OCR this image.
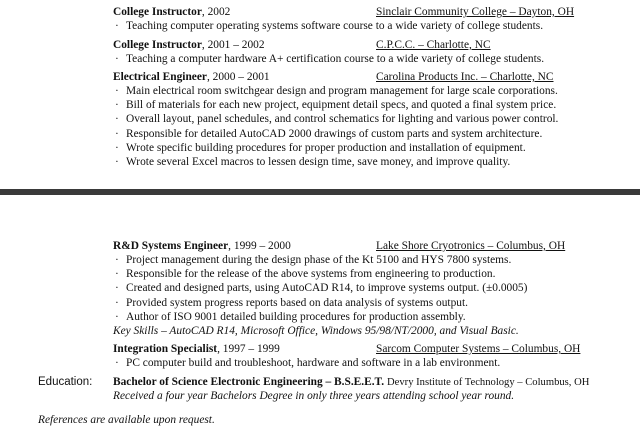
College Instructor, 2002	Sinclair Community College – Dayton, OH
· Teaching computer operating systems software course to a wide variety of college students.
College Instructor, 2001 – 2002	C.P.C.C. – Charlotte, NC
· Teaching a computer hardware A+ certification course to a wide variety of college students.
Electrical Engineer, 2000 – 2001	Carolina Products Inc. – Charlotte, NC
· Main electrical room switchgear design and program management for large scale corporations.
· Bill of materials for each new project, equipment detail specs, and quoted a final system price.
· Overall layout, panel schedules, and control schematics for lighting and various power control.
· Responsible for detailed AutoCAD 2000 drawings of custom parts and system architecture.
· Wrote specific building procedures for proper production and installation of equipment.
· Wrote several Excel macros to lessen design time, save money, and improve quality.
R&D Systems Engineer, 1999 – 2000	Lake Shore Cryotronics – Columbus, OH
· Project management during the design phase of the Kt 5100 and HYS 7800 systems.
· Responsible for the release of the above systems from engineering to production.
· Created and designed parts, using AutoCAD R14, to improve systems output. (±0.0005)
· Provided system progress reports based on data analysis of systems output.
· Author of ISO 9001 detailed building procedures for production assembly.
Key Skills – AutoCAD R14, Microsoft Office, Windows 95/98/NT/2000, and Visual Basic.
Integration Specialist, 1997 – 1999	Sarcom Computer Systems – Columbus, OH
· PC computer build and troubleshoot, hardware and software in a lab environment.
Education: Bachelor of Science Electronic Engineering – B.S.E.E.T. Devry Institute of Technology – Columbus, OH
Received a four year Bachelors Degree in only three years attending school year round.
References are available upon request.
